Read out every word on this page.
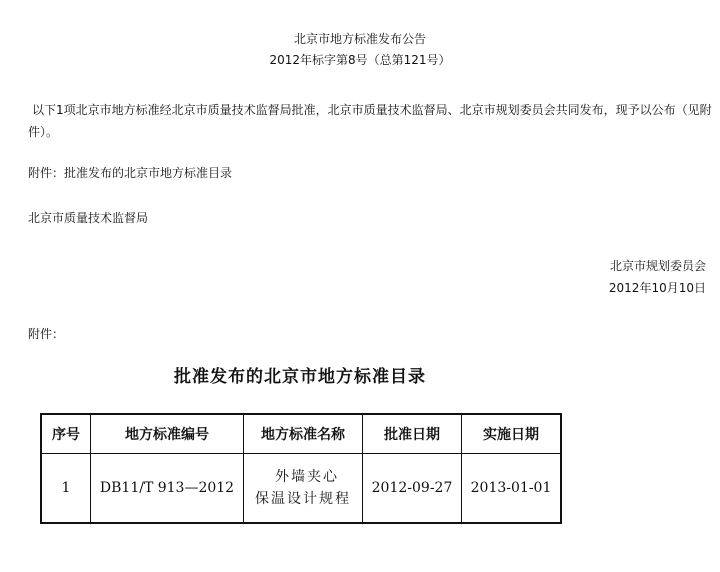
北京市地方标准发布公告
2012年标字第8号（总第121号）
以下1项北京市地方标准经北京市质量技术监督局批准，北京市质量技术监督局、北京市规划委员会共同发布，现予以公布（见附件）。
附件：批准发布的北京市地方标准目录
北京市质量技术监督局
北京市规划委员会
2012年10月10日
附件：
批准发布的北京市地方标准目录
序号	地方标准编号	地方标准名称	批准日期	实施日期
1	DB11/T 913—2012	外墙夹心保温设计规程	2012-09-27	2013-01-01
